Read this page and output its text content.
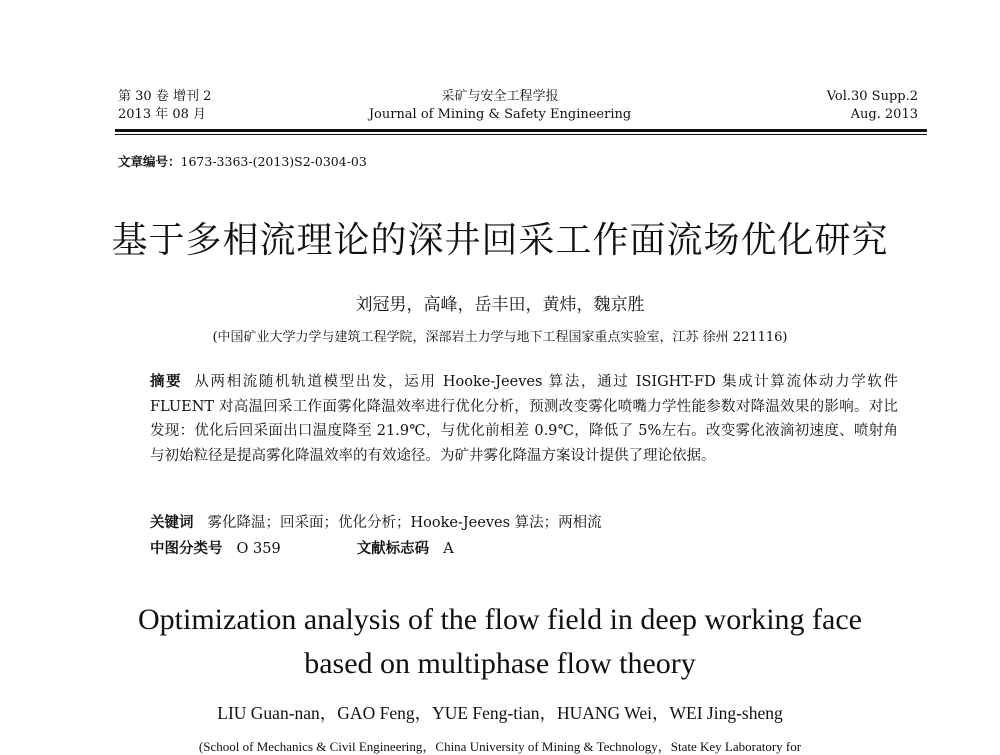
第 30 卷 增刊 2
2013 年 08 月
采矿与安全工程学报
Journal of Mining & Safety Engineering
Vol.30 Supp.2
Aug. 2013
文章编号：1673-3363-(2013)S2-0304-03
基于多相流理论的深井回采工作面流场优化研究
刘冠男，高峰，岳丰田，黄炜，魏京胜
(中国矿业大学力学与建筑工程学院，深部岩土力学与地下工程国家重点实验室，江苏 徐州 221116)
摘要 从两相流随机轨道模型出发，运用 Hooke-Jeeves 算法，通过 ISIGHT-FD 集成计算流体动力学软件 FLUENT 对高温回采工作面雾化降温效率进行优化分析，预测改变雾化喷嘴力学性能参数对降温效果的影响。对比发现：优化后回采面出口温度降至 21.9℃，与优化前相差 0.9℃，降低了 5%左右。改变雾化液滴初速度、喷射角与初始粒径是提高雾化降温效率的有效途径。为矿井雾化降温方案设计提供了理论依据。
关键词 雾化降温；回采面；优化分析；Hooke-Jeeves 算法；两相流
中图分类号 O 359	文献标志码 A
Optimization analysis of the flow field in deep working face
based on multiphase flow theory
LIU Guan-nan，GAO Feng，YUE Feng-tian，HUANG Wei，WEI Jing-sheng
(School of Mechanics & Civil Engineering，China University of Mining & Technology，State Key Laboratory for
